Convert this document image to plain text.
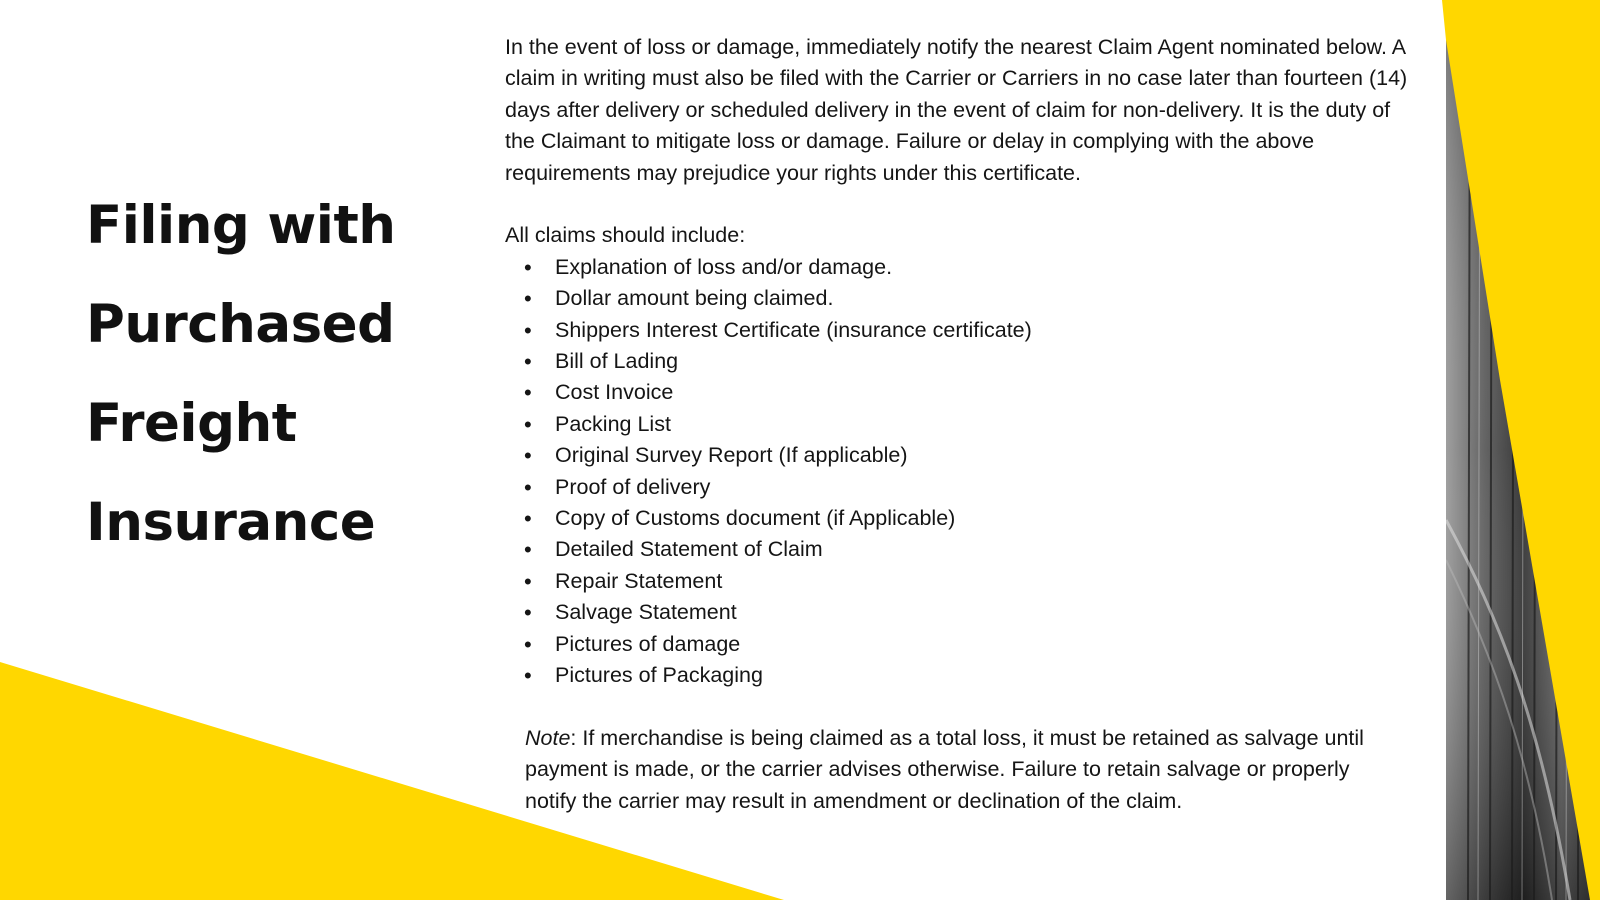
Filing with
Purchased
Freight
Insurance

In the event of loss or damage, immediately notify the nearest Claim Agent nominated below. A claim in writing must also be filed with the Carrier or Carriers in no case later than fourteen (14) days after delivery or scheduled delivery in the event of claim for non-delivery. It is the duty of the Claimant to mitigate loss or damage. Failure or delay in complying with the above requirements may prejudice your rights under this certificate.

All claims should include:

• Explanation of loss and/or damage.
• Dollar amount being claimed.
• Shippers Interest Certificate (insurance certificate)
• Bill of Lading
• Cost Invoice
• Packing List
• Original Survey Report (If applicable)
• Proof of delivery
• Copy of Customs document (if Applicable)
• Detailed Statement of Claim
• Repair Statement
• Salvage Statement
• Pictures of damage
• Pictures of Packaging

Note: If merchandise is being claimed as a total loss, it must be retained as salvage until payment is made, or the carrier advises otherwise. Failure to retain salvage or properly notify the carrier may result in amendment or declination of the claim.
